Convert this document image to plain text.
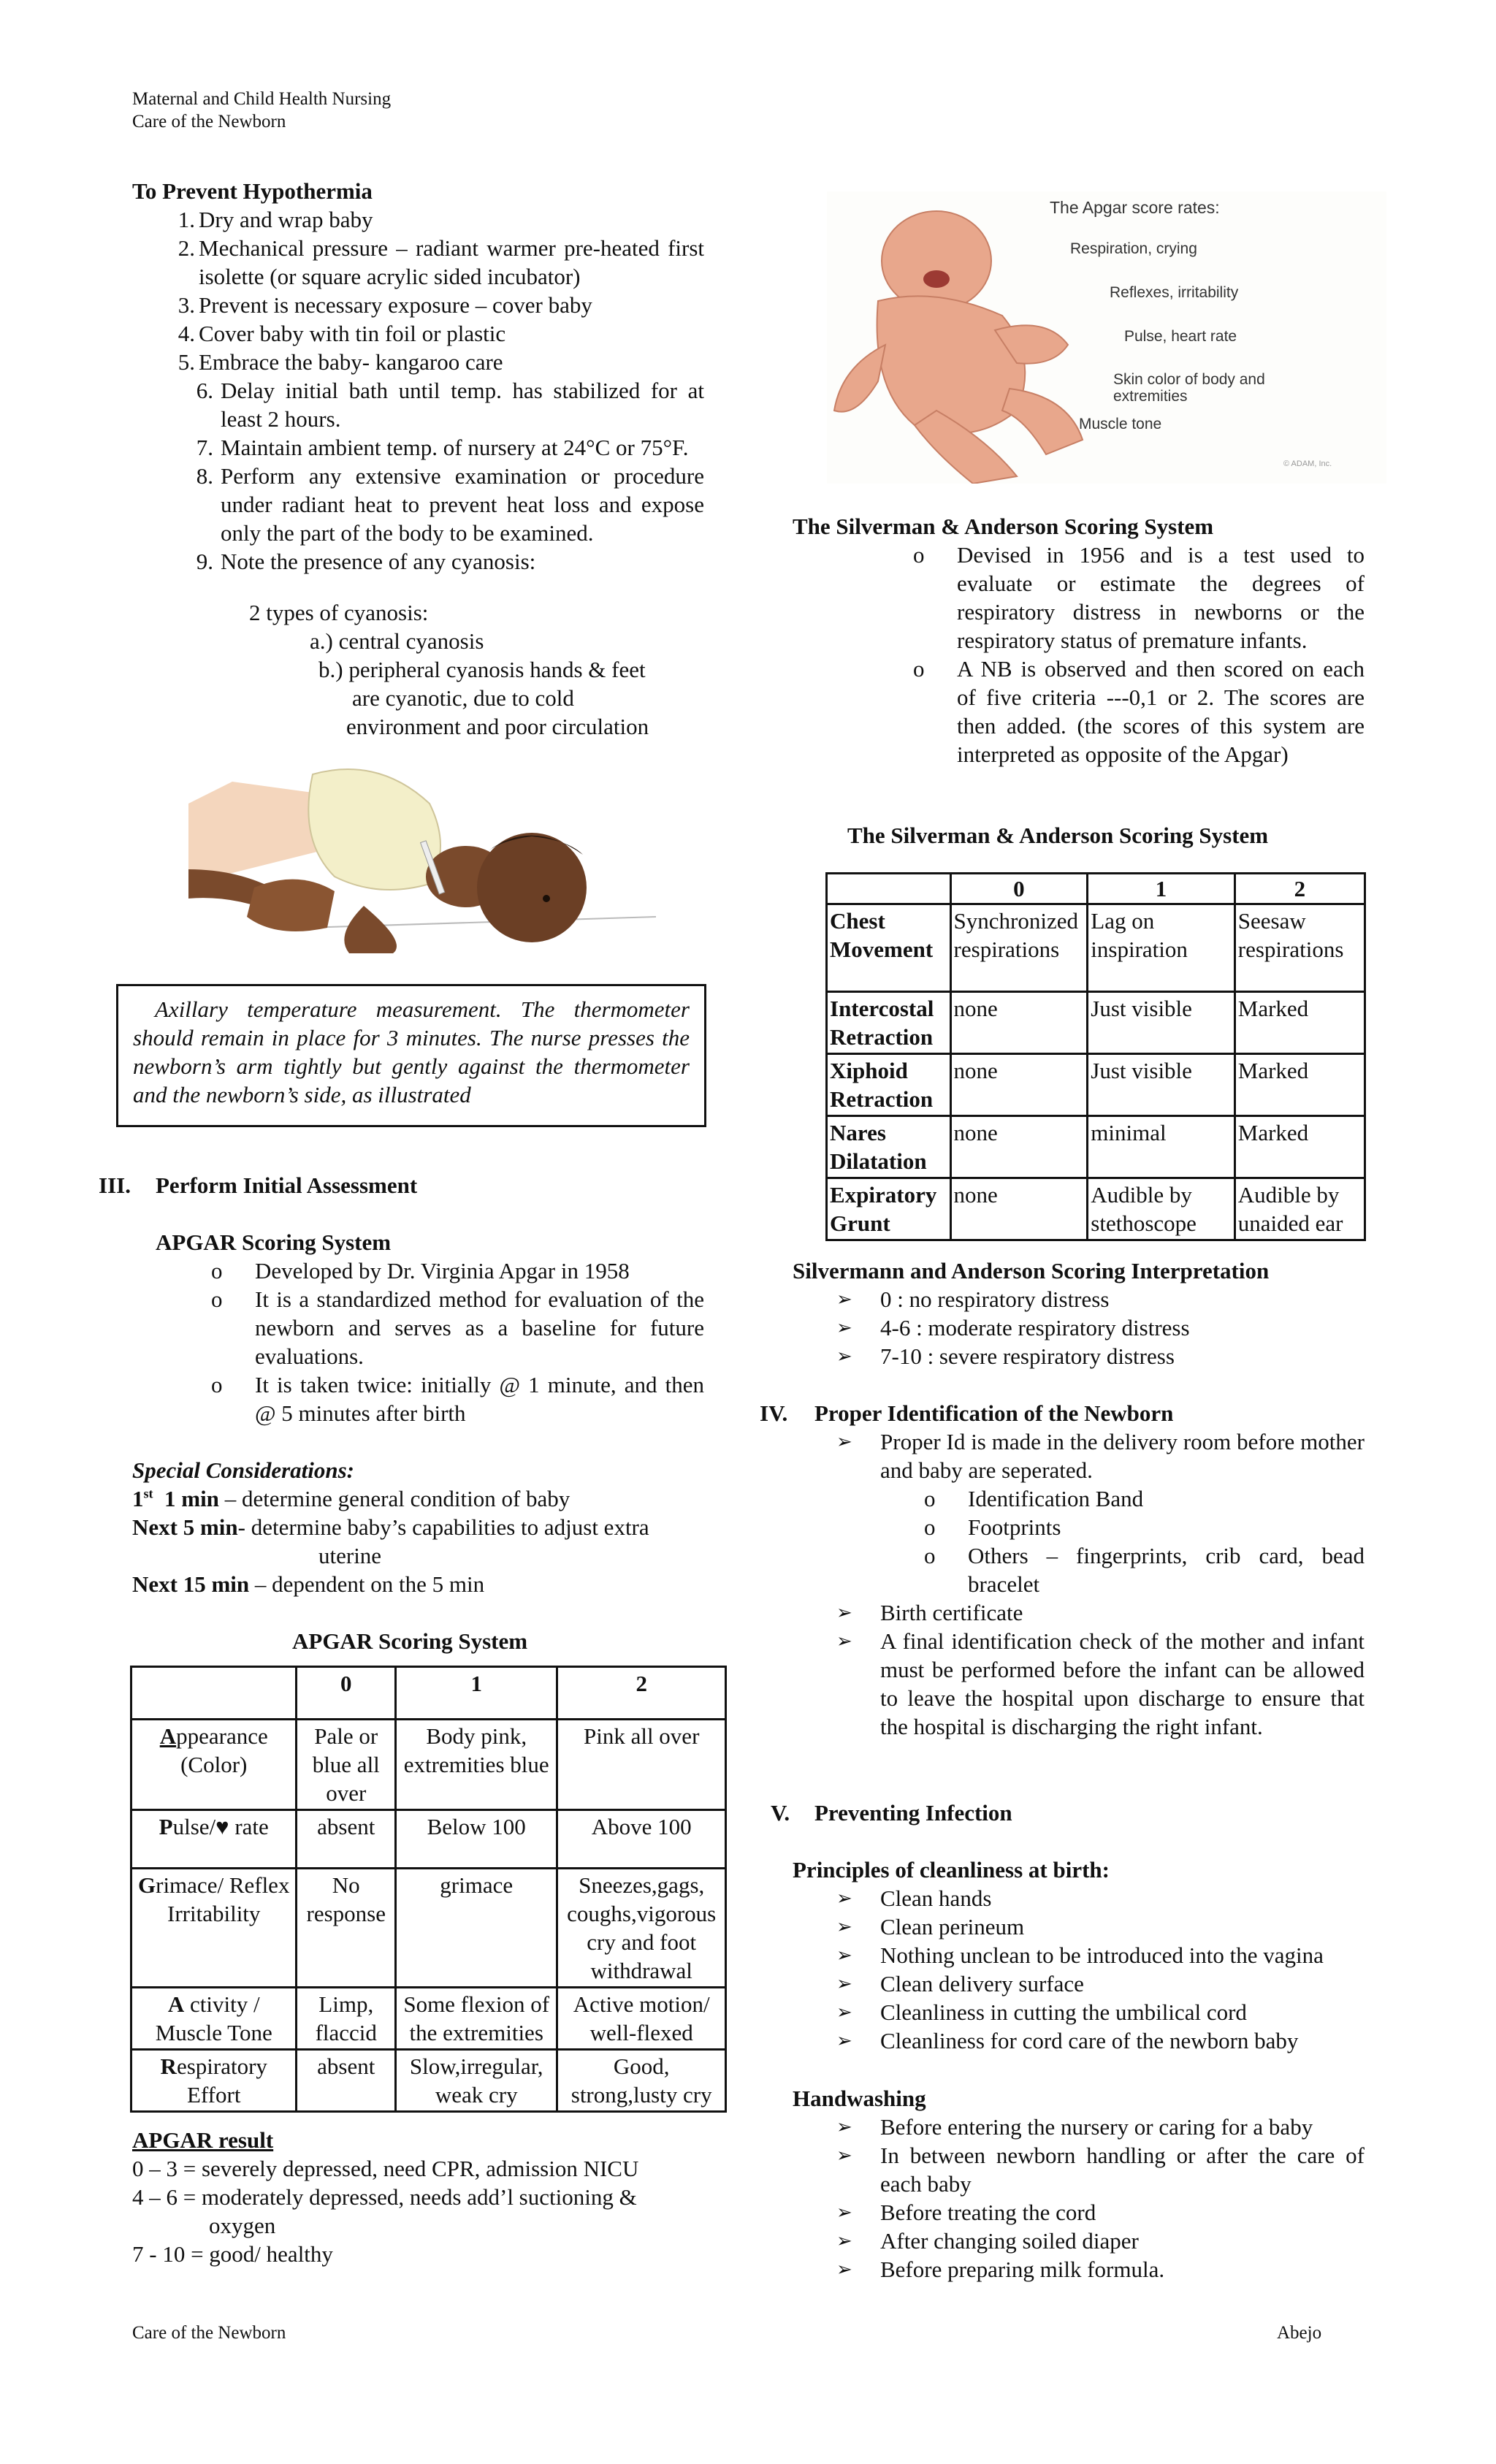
Maternal and Child Health Nursing
Care of the Newborn
To Prevent Hypothermia
1. Dry and wrap baby
2. Mechanical pressure – radiant warmer pre-heated first isolette (or square acrylic sided incubator)
3. Prevent is necessary exposure – cover baby
4. Cover baby with tin foil or plastic
5. Embrace the baby- kangaroo care
6. Delay initial bath until temp. has stabilized for at least 2 hours.
7. Maintain ambient temp. of nursery at 24°C or 75°F.
8. Perform any extensive examination or procedure under radiant heat to prevent heat loss and expose only the part of the body to be examined.
9. Note the presence of any cyanosis:
2 types of cyanosis:
a.) central cyanosis
b.) peripheral cyanosis hands & feet
are cyanotic, due to cold
environment and poor circulation
Axillary temperature measurement. The thermometer should remain in place for 3 minutes. The nurse presses the newborn’s arm tightly but gently against the thermometer and the newborn’s side, as illustrated
III. Perform Initial Assessment
APGAR Scoring System
o Developed by Dr. Virginia Apgar in 1958
o It is a standardized method for evaluation of the newborn and serves as a baseline for future evaluations.
o It is taken twice: initially @ 1 minute, and then @ 5 minutes after birth
Special Considerations:
1st 1 min – determine general condition of baby
Next 5 min- determine baby’s capabilities to adjust extra
uterine
Next 15 min – dependent on the 5 min
APGAR Scoring System
	0	1	2
Appearance (Color)	Pale or blue all over	Body pink, extremities blue	Pink all over
Pulse/♥ rate	absent	Below 100	Above 100
Grimace/ Reflex Irritability	No response	grimace	Sneezes,gags, coughs,vigorous cry and foot withdrawal
A ctivity / Muscle Tone	Limp, flaccid	Some flexion of the extremities	Active motion/ well-flexed
Respiratory Effort	absent	Slow,irregular, weak cry	Good, strong,lusty cry
APGAR result
0 – 3 = severely depressed, need CPR, admission NICU
4 – 6 = moderately depressed, needs add’l suctioning &
oxygen
7 - 10 = good/ healthy
The Apgar score rates:
Respiration, crying
Reflexes, irritability
Pulse, heart rate
Skin color of body and extremities
Muscle tone
© ADAM, Inc.
The Silverman & Anderson Scoring System
o Devised in 1956 and is a test used to evaluate or estimate the degrees of respiratory distress in newborns or the respiratory status of premature infants.
o A NB is observed and then scored on each of five criteria ---0,1 or 2. The scores are then added. (the scores of this system are interpreted as opposite of the Apgar)
The Silverman & Anderson Scoring System
	0	1	2
Chest Movement	Synchronized respirations	Lag on inspiration	Seesaw respirations
Intercostal Retraction	none	Just visible	Marked
Xiphoid Retraction	none	Just visible	Marked
Nares Dilatation	none	minimal	Marked
Expiratory Grunt	none	Audible by stethoscope	Audible by unaided ear
Silvermann and Anderson Scoring Interpretation
➢ 0 : no respiratory distress
➢ 4-6 : moderate respiratory distress
➢ 7-10 : severe respiratory distress
IV. Proper Identification of the Newborn
➢ Proper Id is made in the delivery room before mother and baby are seperated.
o Identification Band
o Footprints
o Others – fingerprints, crib card, bead bracelet
➢ Birth certificate
➢ A final identification check of the mother and infant must be performed before the infant can be allowed to leave the hospital upon discharge to ensure that the hospital is discharging the right infant.
V. Preventing Infection
Principles of cleanliness at birth:
➢ Clean hands
➢ Clean perineum
➢ Nothing unclean to be introduced into the vagina
➢ Clean delivery surface
➢ Cleanliness in cutting the umbilical cord
➢ Cleanliness for cord care of the newborn baby
Handwashing
➢ Before entering the nursery or caring for a baby
➢ In between newborn handling or after the care of each baby
➢ Before treating the cord
➢ After changing soiled diaper
➢ Before preparing milk formula.
Care of the Newborn	Abejo
